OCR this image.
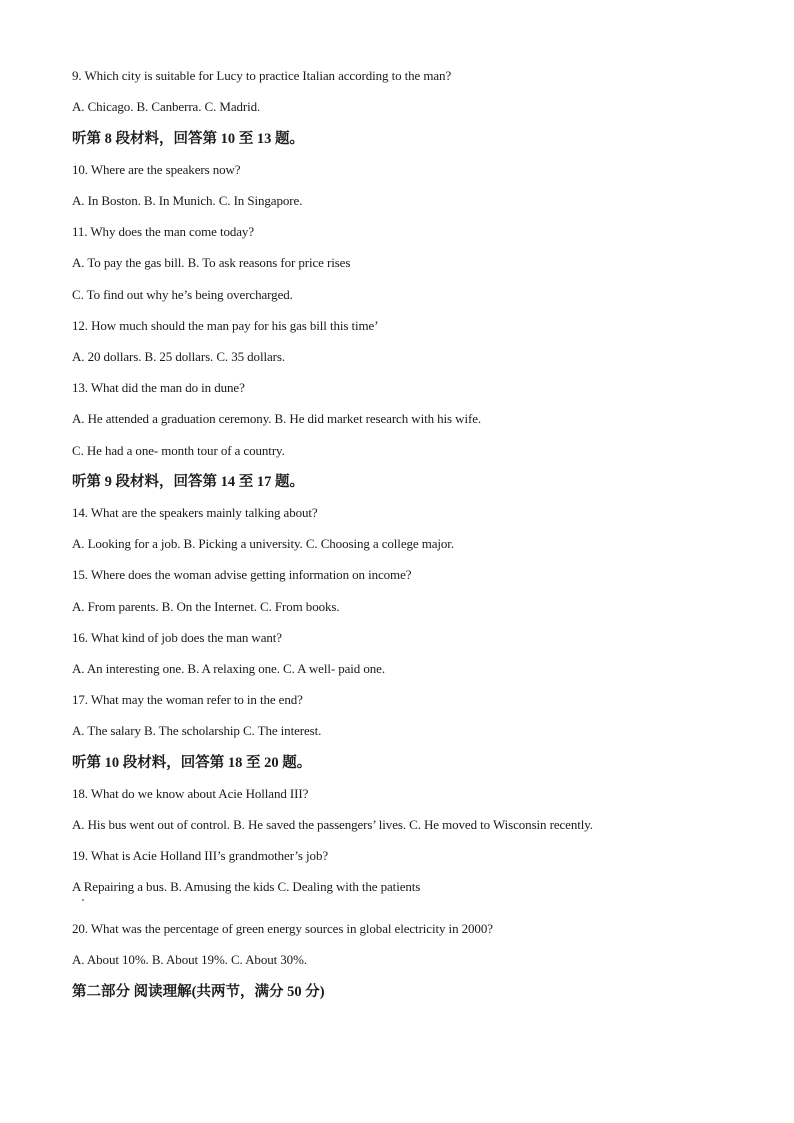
9. Which city is suitable for Lucy to practice Italian according to the man?
A. Chicago. B. Canberra. C. Madrid.
听第 8 段材料，回答第 10 至 13 题。
10. Where are the speakers now?
A. In Boston. B. In Munich. C. In Singapore.
11. Why does the man come today?
A. To pay the gas bill. B. To ask reasons for price rises
C. To find out why he’s being overcharged.
12. How much should the man pay for his gas bill this time’
A. 20 dollars. B. 25 dollars. C. 35 dollars.
13. What did the man do in dune?
A. He attended a graduation ceremony. B. He did market research with his wife.
C. He had a one- month tour of a country.
听第 9 段材料，回答第 14 至 17 题。
14. What are the speakers mainly talking about?
A. Looking for a job. B. Picking a university. C. Choosing a college major.
15. Where does the woman advise getting information on income?
A. From parents. B. On the Internet. C. From books.
16. What kind of job does the man want?
A. An interesting one. B. A relaxing one. C. A well- paid one.
17. What may the woman refer to in the end?
A. The salary B. The scholarship C. The interest.
听第 10 段材料，回答第 18 至 20 题。
18. What do we know about Acie Holland III?
A. His bus went out of control. B. He saved the passengers’ lives. C. He moved to Wisconsin recently.
19. What is Acie Holland III’s grandmother’s job?
A Repairing a bus. B. Amusing the kids C. Dealing with the patients
20. What was the percentage of green energy sources in global electricity in 2000?
A. About 10%. B. About 19%. C. About 30%.
第二部分 阅读理解(共两节，满分 50 分)
